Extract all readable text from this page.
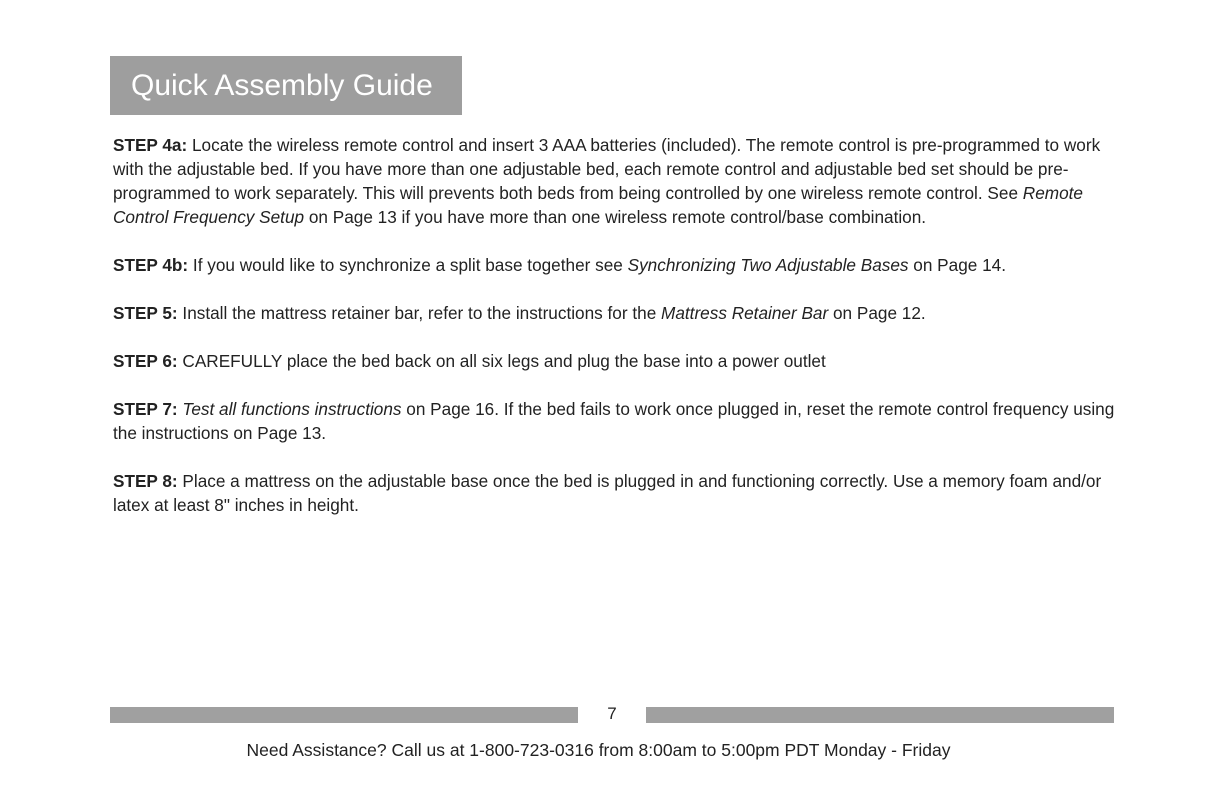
Quick Assembly Guide

STEP 4a: Locate the wireless remote control and insert 3 AAA batteries (included). The remote control is pre-programmed to work with the adjustable bed. If you have more than one adjustable bed, each remote control and adjustable bed set should be pre-programmed to work separately. This will prevents both beds from being controlled by one wireless remote control. See Remote Control Frequency Setup on Page 13 if you have more than one wireless remote control/base combination.

STEP 4b: If you would like to synchronize a split base together see Synchronizing Two Adjustable Bases on Page 14.

STEP 5: Install the mattress retainer bar, refer to the instructions for the Mattress Retainer Bar on Page 12.

STEP 6: CAREFULLY place the bed back on all six legs and plug the base into a power outlet

STEP 7: Test all functions instructions on Page 16. If the bed fails to work once plugged in, reset the remote control frequency using the instructions on Page 13.

STEP 8: Place a mattress on the adjustable base once the bed is plugged in and functioning correctly. Use a memory foam and/or latex at least 8" inches in height.

7
Need Assistance? Call us at 1-800-723-0316 from 8:00am to 5:00pm PDT Monday - Friday
